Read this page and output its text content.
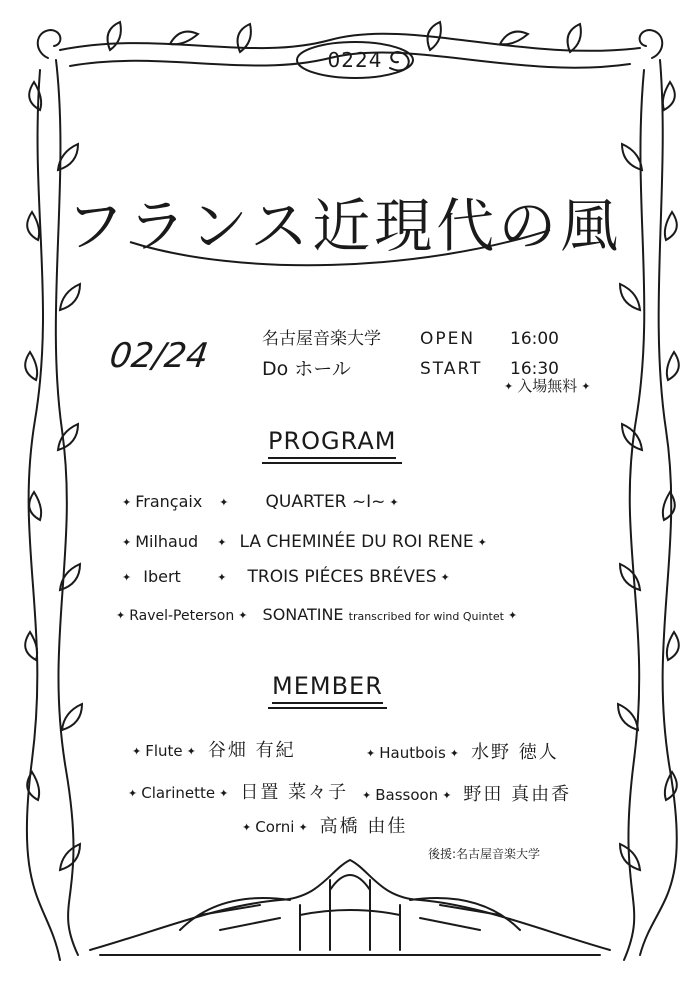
0224
フランス近現代の風
02/24	名古屋音楽大学
Do ホール
OPEN	16:00
START	16:30
✦ 入場無料 ✦
PROGRAM
✦ Françaix ✦ QUARTER ~I~ ✦
✦ Milhaud ✦ LA CHEMINÉE DU ROI RENE ✦
✦ Ibert	✦ TROIS PIÉCES BRÉVES ✦
✦ Ravel-Peterson ✦ SONATINE transcribed for wind Quintet ✦
MEMBER
✦ Flute ✦ 谷畑 有紀	✦ Hautbois ✦ 水野 徳人
✦ Clarinette ✦ 日置 菜々子	✦ Bassoon ✦ 野田 真由香
✦ Corni ✦ 高橋 由佳
後援:名古屋音楽大学
